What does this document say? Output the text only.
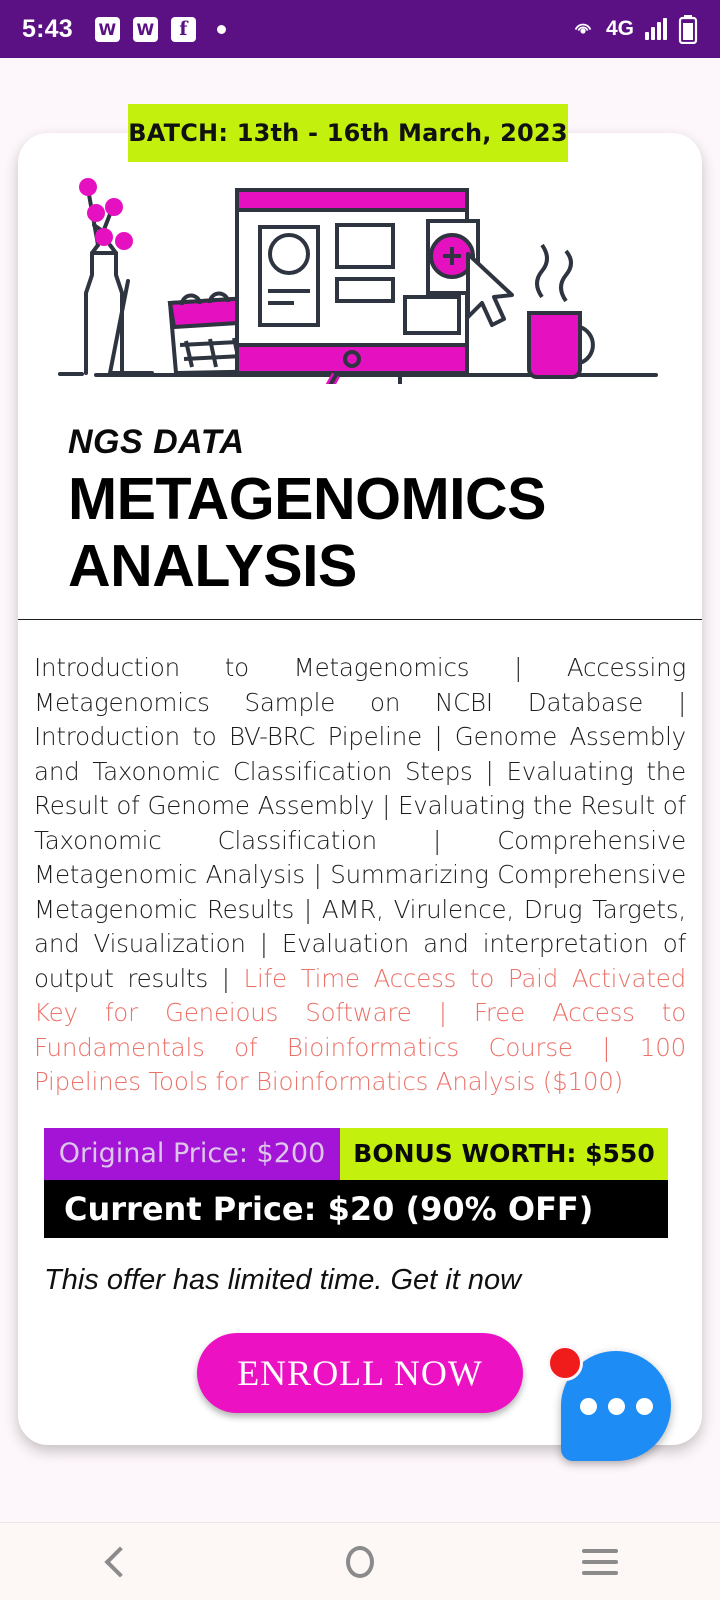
5:43 W W	f	4G
NGS DATA
METAGENOMICS
ANALYSIS

Introduction to Metagenomics | Accessing Metagenomics Sample on NCBI Database | Introduction to BV-BRC Pipeline | Genome Assembly and Taxonomic Classification Steps | Evaluating the Result of Genome Assembly | Evaluating the Result of Taxonomic Classification | Comprehensive Metagenomic Analysis | Summarizing Comprehensive Metagenomic Results | AMR, Virulence, Drug Targets, and Visualization | Evaluation and interpretation of output results | Life Time Access to Paid Activated Key for Geneious Software | Free Access to Fundamentals of Bioinformatics Course | 100 Pipelines Tools for Bioinformatics Analysis ($100)

Original Price: $200	BONUS WORTH: $550
Current Price: $20 (90% OFF)
This offer has limited time. Get it now
ENROLL NOW
BATCH: 13th - 16th March, 2023
